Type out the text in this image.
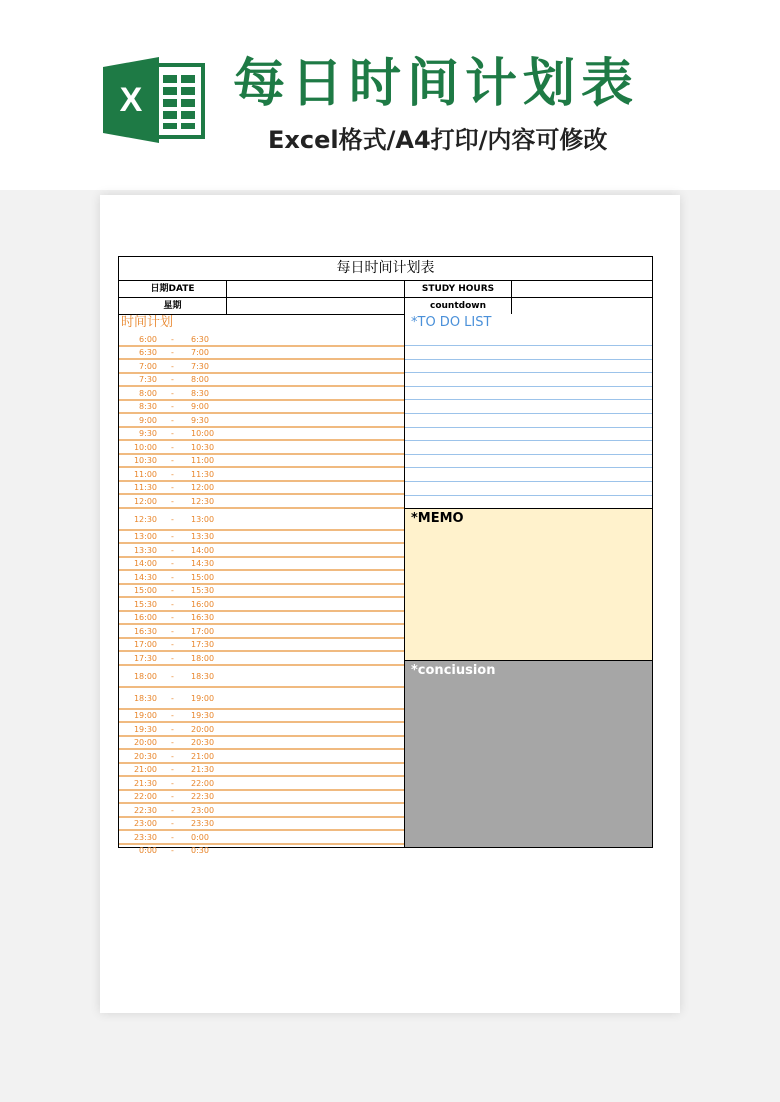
X 每日时间计划表
Excel格式/A4打印/内容可修改
每日时间计划表
日期DATE	STUDY HOURS
星期	countdown
时间计划
6:00 - 6:30
6:30 - 7:00
7:00 - 7:30
7:30 - 8:00
8:00 - 8:30
8:30 - 9:00
9:00 - 9:30
9:30 - 10:00
10:00 - 10:30
10:30 - 11:00
11:00 - 11:30
11:30 - 12:00
12:00 - 12:30
12:30 - 13:00
13:00 - 13:30
13:30 - 14:00
14:00 - 14:30
14:30 - 15:00
15:00 - 15:30
15:30 - 16:00
16:00 - 16:30
16:30 - 17:00
17:00 - 17:30
17:30 - 18:00
18:00 - 18:30
18:30 - 19:00
19:00 - 19:30
19:30 - 20:00
20:00 - 20:30
20:30 - 21:00
21:00 - 21:30
21:30 - 22:00
22:00 - 22:30
22:30 - 23:00
23:00 - 23:30
23:30 - 0:00
0:00 - 0:30
*TO DO LIST
*MEMO
*conciusion
